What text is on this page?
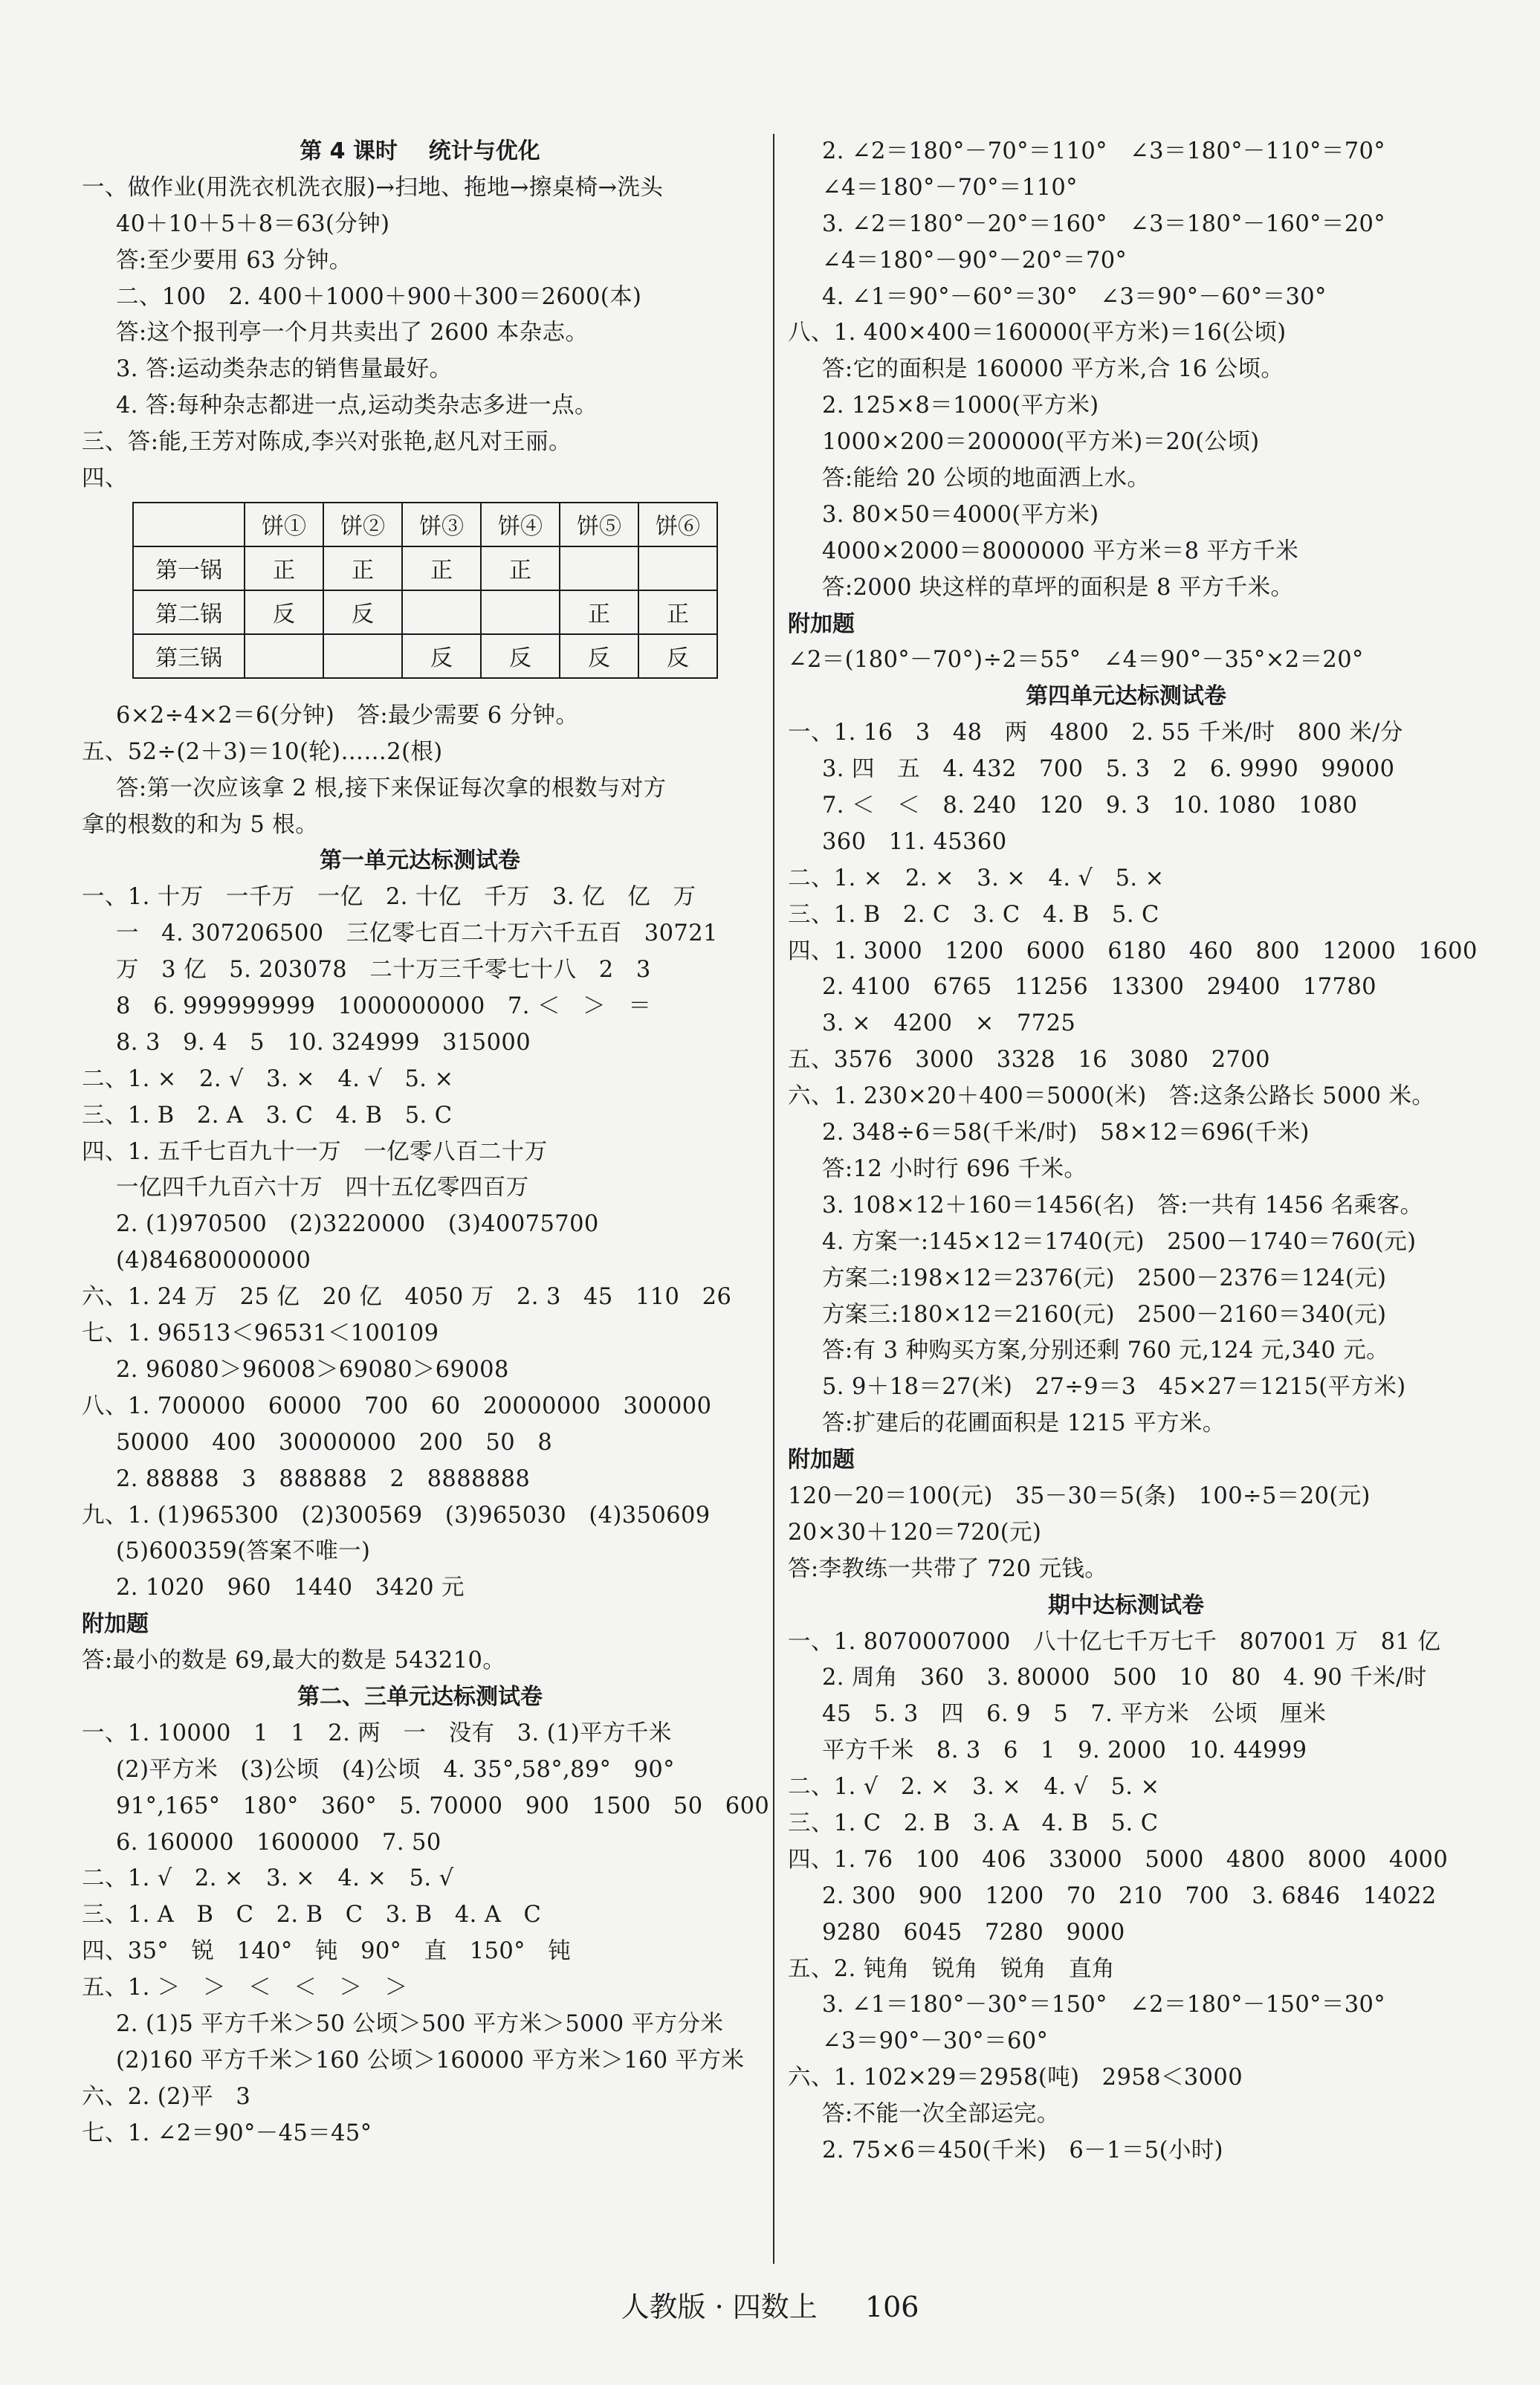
第 4 课时    统计与优化
一、做作业(用洗衣机洗衣服)→扫地、拖地→擦桌椅→洗头
40＋10＋5＋8＝63(分钟)
答:至少要用 63 分钟。
二、100   2. 400＋1000＋900＋300＝2600(本)
答:这个报刊亭一个月共卖出了 2600 本杂志。
3. 答:运动类杂志的销售量最好。
4. 答:每种杂志都进一点,运动类杂志多进一点。
三、答:能,王芳对陈成,李兴对张艳,赵凡对王丽。
四、
	饼①	饼②	饼③	饼④	饼⑤	饼⑥
第一锅	正	正	正	正		
第二锅	反	反			正	正
第三锅			反	反	反	反
6×2÷4×2＝6(分钟)   答:最少需要 6 分钟。
五、52÷(2＋3)＝10(轮)……2(根)
答:第一次应该拿 2 根,接下来保证每次拿的根数与对方
拿的根数的和为 5 根。
第一单元达标测试卷
一、1. 十万   一千万   一亿   2. 十亿   千万   3. 亿   亿   万
一   4. 307206500   三亿零七百二十万六千五百   30721
万   3 亿   5. 203078   二十万三千零七十八   2   3
8   6. 999999999   1000000000   7. ＜   ＞   ＝
8. 3   9. 4   5   10. 324999   315000
二、1. ×   2. √   3. ×   4. √   5. ×
三、1. B   2. A   3. C   4. B   5. C
四、1. 五千七百九十一万   一亿零八百二十万
一亿四千九百六十万   四十五亿零四百万
2. (1)970500   (2)3220000   (3)40075700
(4)84680000000
六、1. 24 万   25 亿   20 亿   4050 万   2. 3   45   110   26
七、1. 96513＜96531＜100109
2. 96080＞96008＞69080＞69008
八、1. 700000   60000   700   60   20000000   300000
50000   400   30000000   200   50   8
2. 88888   3   888888   2   8888888
九、1. (1)965300   (2)300569   (3)965030   (4)350609
(5)600359(答案不唯一)
2. 1020   960   1440   3420 元
附加题
答:最小的数是 69,最大的数是 543210。
第二、三单元达标测试卷
一、1. 10000   1   1   2. 两   一   没有   3. (1)平方千米
(2)平方米   (3)公顷   (4)公顷   4. 35°,58°,89°   90°
91°,165°   180°   360°   5. 70000   900   1500   50   600
6. 160000   1600000   7. 50
二、1. √   2. ×   3. ×   4. ×   5. √
三、1. A   B   C   2. B   C   3. B   4. A   C
四、35°   锐   140°   钝   90°   直   150°   钝
五、1. ＞   ＞   ＜   ＜   ＞   ＞
2. (1)5 平方千米＞50 公顷＞500 平方米＞5000 平方分米
(2)160 平方千米＞160 公顷＞160000 平方米＞160 平方米
六、2. (2)平   3
七、1. ∠2＝90°－45＝45°
2. ∠2＝180°－70°＝110°   ∠3＝180°－110°＝70°
∠4＝180°－70°＝110°
3. ∠2＝180°－20°＝160°   ∠3＝180°－160°＝20°
∠4＝180°－90°－20°＝70°
4. ∠1＝90°－60°＝30°   ∠3＝90°－60°＝30°
八、1. 400×400＝160000(平方米)＝16(公顷)
答:它的面积是 160000 平方米,合 16 公顷。
2. 125×8＝1000(平方米)
1000×200＝200000(平方米)＝20(公顷)
答:能给 20 公顷的地面洒上水。
3. 80×50＝4000(平方米)
4000×2000＝8000000 平方米＝8 平方千米
答:2000 块这样的草坪的面积是 8 平方千米。
附加题
∠2＝(180°－70°)÷2＝55°   ∠4＝90°－35°×2＝20°
第四单元达标测试卷
一、1. 16   3   48   两   4800   2. 55 千米/时   800 米/分
3. 四   五   4. 432   700   5. 3   2   6. 9990   99000
7. ＜   ＜   8. 240   120   9. 3   10. 1080   1080
360   11. 45360
二、1. ×   2. ×   3. ×   4. √   5. ×
三、1. B   2. C   3. C   4. B   5. C
四、1. 3000   1200   6000   6180   460   800   12000   1600
2. 4100   6765   11256   13300   29400   17780
3. ×   4200   ×   7725
五、3576   3000   3328   16   3080   2700
六、1. 230×20＋400＝5000(米)   答:这条公路长 5000 米。
2. 348÷6＝58(千米/时)   58×12＝696(千米)
答:12 小时行 696 千米。
3. 108×12＋160＝1456(名)   答:一共有 1456 名乘客。
4. 方案一:145×12＝1740(元)   2500－1740＝760(元)
方案二:198×12＝2376(元)   2500－2376＝124(元)
方案三:180×12＝2160(元)   2500－2160＝340(元)
答:有 3 种购买方案,分别还剩 760 元,124 元,340 元。
5. 9＋18＝27(米)   27÷9＝3   45×27＝1215(平方米)
答:扩建后的花圃面积是 1215 平方米。
附加题
120－20＝100(元)   35－30＝5(条)   100÷5＝20(元)
20×30＋120＝720(元)
答:李教练一共带了 720 元钱。
期中达标测试卷
一、1. 8070007000   八十亿七千万七千   807001 万   81 亿
2. 周角   360   3. 80000   500   10   80   4. 90 千米/时
45   5. 3   四   6. 9   5   7. 平方米   公顷   厘米
平方千米   8. 3   6   1   9. 2000   10. 44999
二、1. √   2. ×   3. ×   4. √   5. ×
三、1. C   2. B   3. A   4. B   5. C
四、1. 76   100   406   33000   5000   4800   8000   4000
2. 300   900   1200   70   210   700   3. 6846   14022
9280   6045   7280   9000
五、2. 钝角   锐角   锐角   直角
3. ∠1＝180°－30°＝150°   ∠2＝180°－150°＝30°
∠3＝90°－30°＝60°
六、1. 102×29＝2958(吨)   2958＜3000
答:不能一次全部运完。
2. 75×6＝450(千米)   6－1＝5(小时)
人教版 · 四数上 106
